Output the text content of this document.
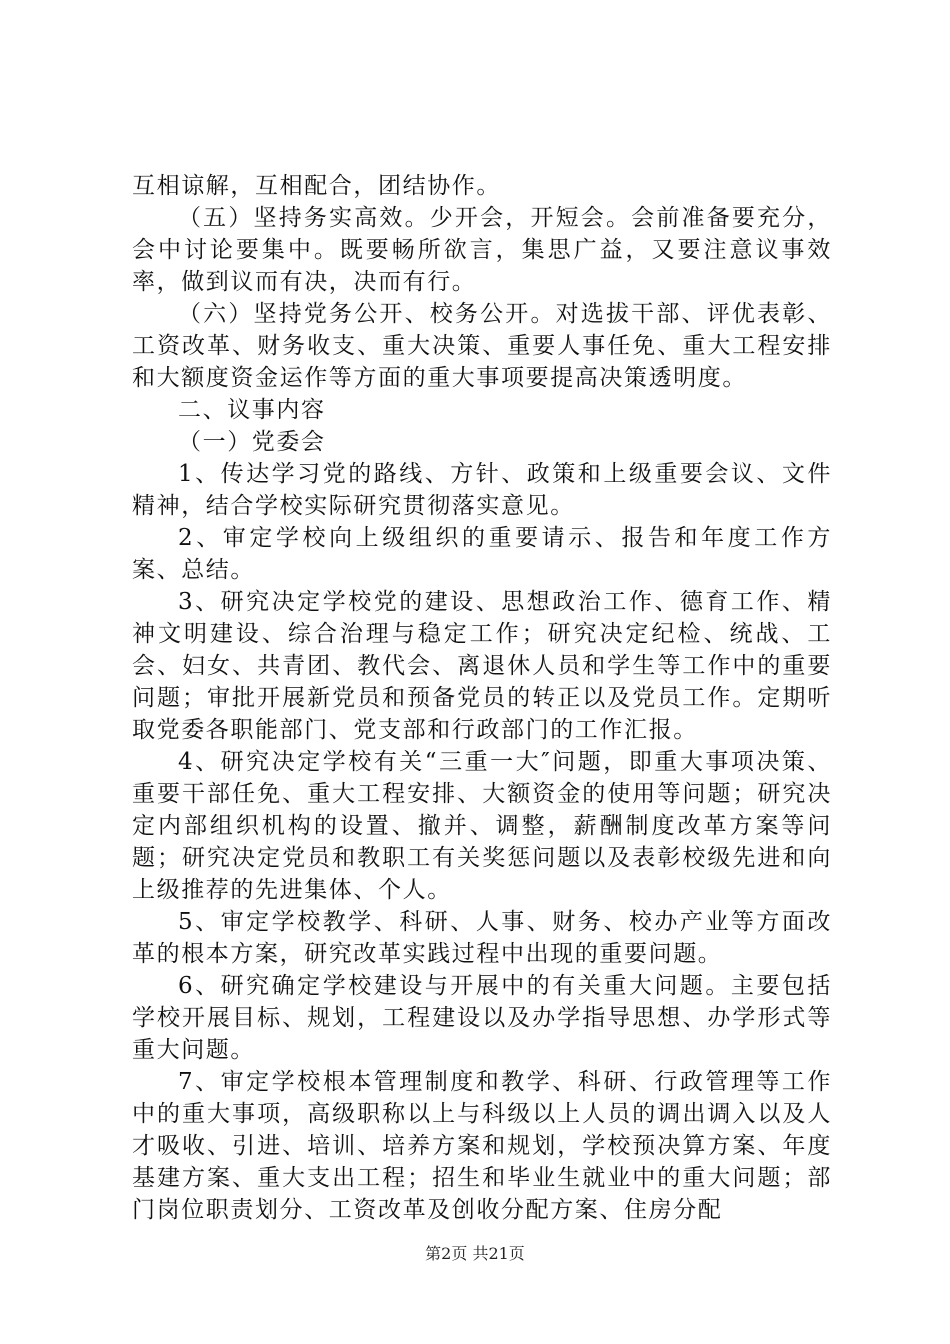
互相谅解，互相配合，团结协作。

（五）坚持务实高效。少开会，开短会。会前准备要充分，会中讨论要集中。既要畅所欲言，集思广益，又要注意议事效率，做到议而有决，决而有行。

（六）坚持党务公开、校务公开。对选拔干部、评优表彰、工资改革、财务收支、重大决策、重要人事任免、重大工程安排和大额度资金运作等方面的重大事项要提高决策透明度。

二、议事内容

（一）党委会

1、传达学习党的路线、方针、政策和上级重要会议、文件精神，结合学校实际研究贯彻落实意见。

2、审定学校向上级组织的重要请示、报告和年度工作方案、总结。

3、研究决定学校党的建设、思想政治工作、德育工作、精神文明建设、综合治理与稳定工作；研究决定纪检、统战、工会、妇女、共青团、教代会、离退休人员和学生等工作中的重要问题；审批开展新党员和预备党员的转正以及党员工作。定期听取党委各职能部门、党支部和行政部门的工作汇报。

4、研究决定学校有关“三重一大″问题，即重大事项决策、重要干部任免、重大工程安排、大额资金的使用等问题；研究决定内部组织机构的设置、撤并、调整，薪酬制度改革方案等问题；研究决定党员和教职工有关奖惩问题以及表彰校级先进和向上级推荐的先进集体、个人。

5、审定学校教学、科研、人事、财务、校办产业等方面改革的根本方案，研究改革实践过程中出现的重要问题。

6、研究确定学校建设与开展中的有关重大问题。主要包括学校开展目标、规划，工程建设以及办学指导思想、办学形式等重大问题。

7、审定学校根本管理制度和教学、科研、行政管理等工作中的重大事项，高级职称以上与科级以上人员的调出调入以及人才吸收、引进、培训、培养方案和规划，学校预决算方案、年度基建方案、重大支出工程；招生和毕业生就业中的重大问题；部门岗位职责划分、工资改革及创收分配方案、住房分配

第2页 共21页
